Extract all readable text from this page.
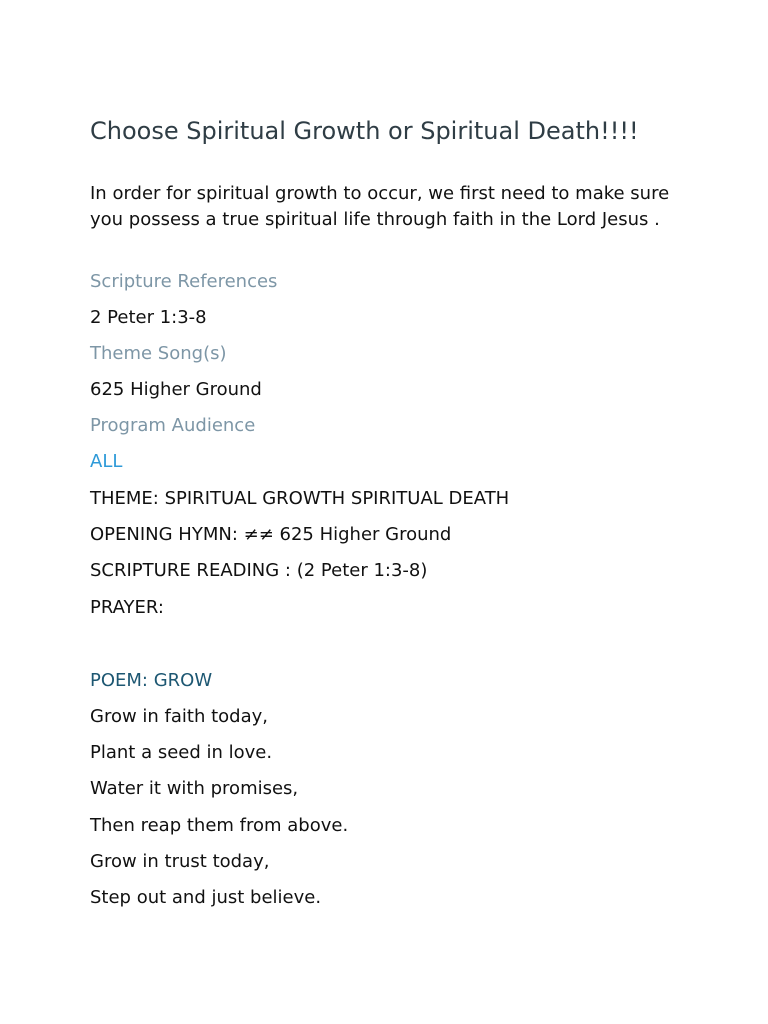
Choose Spiritual Growth or Spiritual Death!!!!

In order for spiritual growth to occur, we first need to make sure you possess a true spiritual life through faith in the Lord Jesus .

Scripture References

2 Peter 1:3-8

Theme Song(s)

625 Higher Ground

Program Audience

ALL

THEME: SPIRITUAL GROWTH SPIRITUAL DEATH

OPENING HYMN: ≠≠ 625 Higher Ground

SCRIPTURE READING : (2 Peter 1:3-8)

PRAYER:

POEM: GROW

Grow in faith today,

Plant a seed in love.

Water it with promises,

Then reap them from above.

Grow in trust today,

Step out and just believe.
